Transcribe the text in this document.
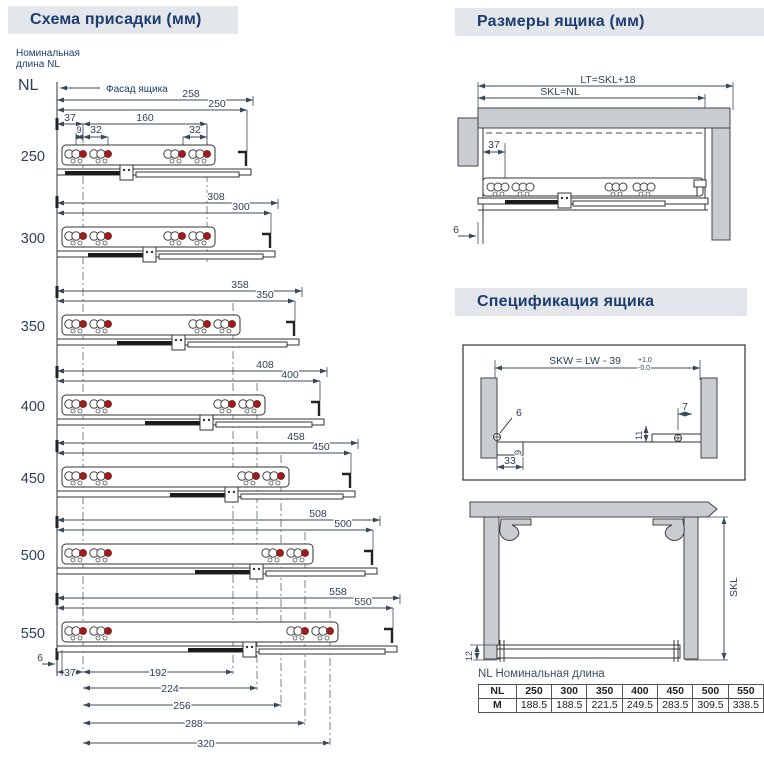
Схема присадки (мм)	Размеры ящика (мм)
Спецификация ящика
Номинальная
длина NL
NL	Фасад ящика
37	160
9 32	32
258
250
250
308
300
300
358
350
350
408
400
400
458
450
450
508
500
500
558
550
550
6
37	192
224
256
288
320
LT=SKL+18
SKL=NL
37
6
SKW = LW - 39 +1.0
-0.0
9
33
6	7
11
SKL
12
NL Номинальная длина
NL	250	300	350	400	450	500	550
M	188.5	188.5	221.5	249.5	283.5	309.5	338.5
